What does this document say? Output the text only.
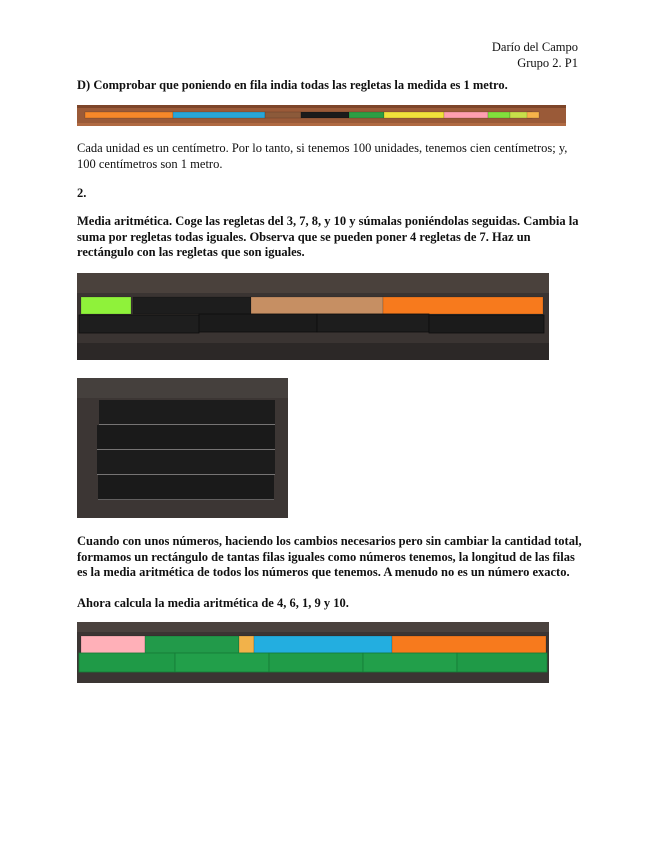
Darío del Campo
Grupo 2. P1
D) Comprobar que poniendo en fila india todas las regletas la medida es 1 metro.
Cada unidad es un centímetro. Por lo tanto, si tenemos 100 unidades, tenemos cien centímetros; y, 100 centímetros son 1 metro.
2.
Media aritmética. Coge las regletas del 3, 7, 8, y 10 y súmalas poniéndolas seguidas. Cambia la suma por regletas todas iguales. Observa que se pueden poner 4 regletas de 7. Haz un rectángulo con las regletas que son iguales.
Cuando con unos números, haciendo los cambios necesarios pero sin cambiar la cantidad total, formamos un rectángulo de tantas filas iguales como números tenemos, la longitud de las filas es la media aritmética de todos los números que tenemos. A menudo no es un número exacto.
Ahora calcula la media aritmética de 4, 6, 1, 9 y 10.
